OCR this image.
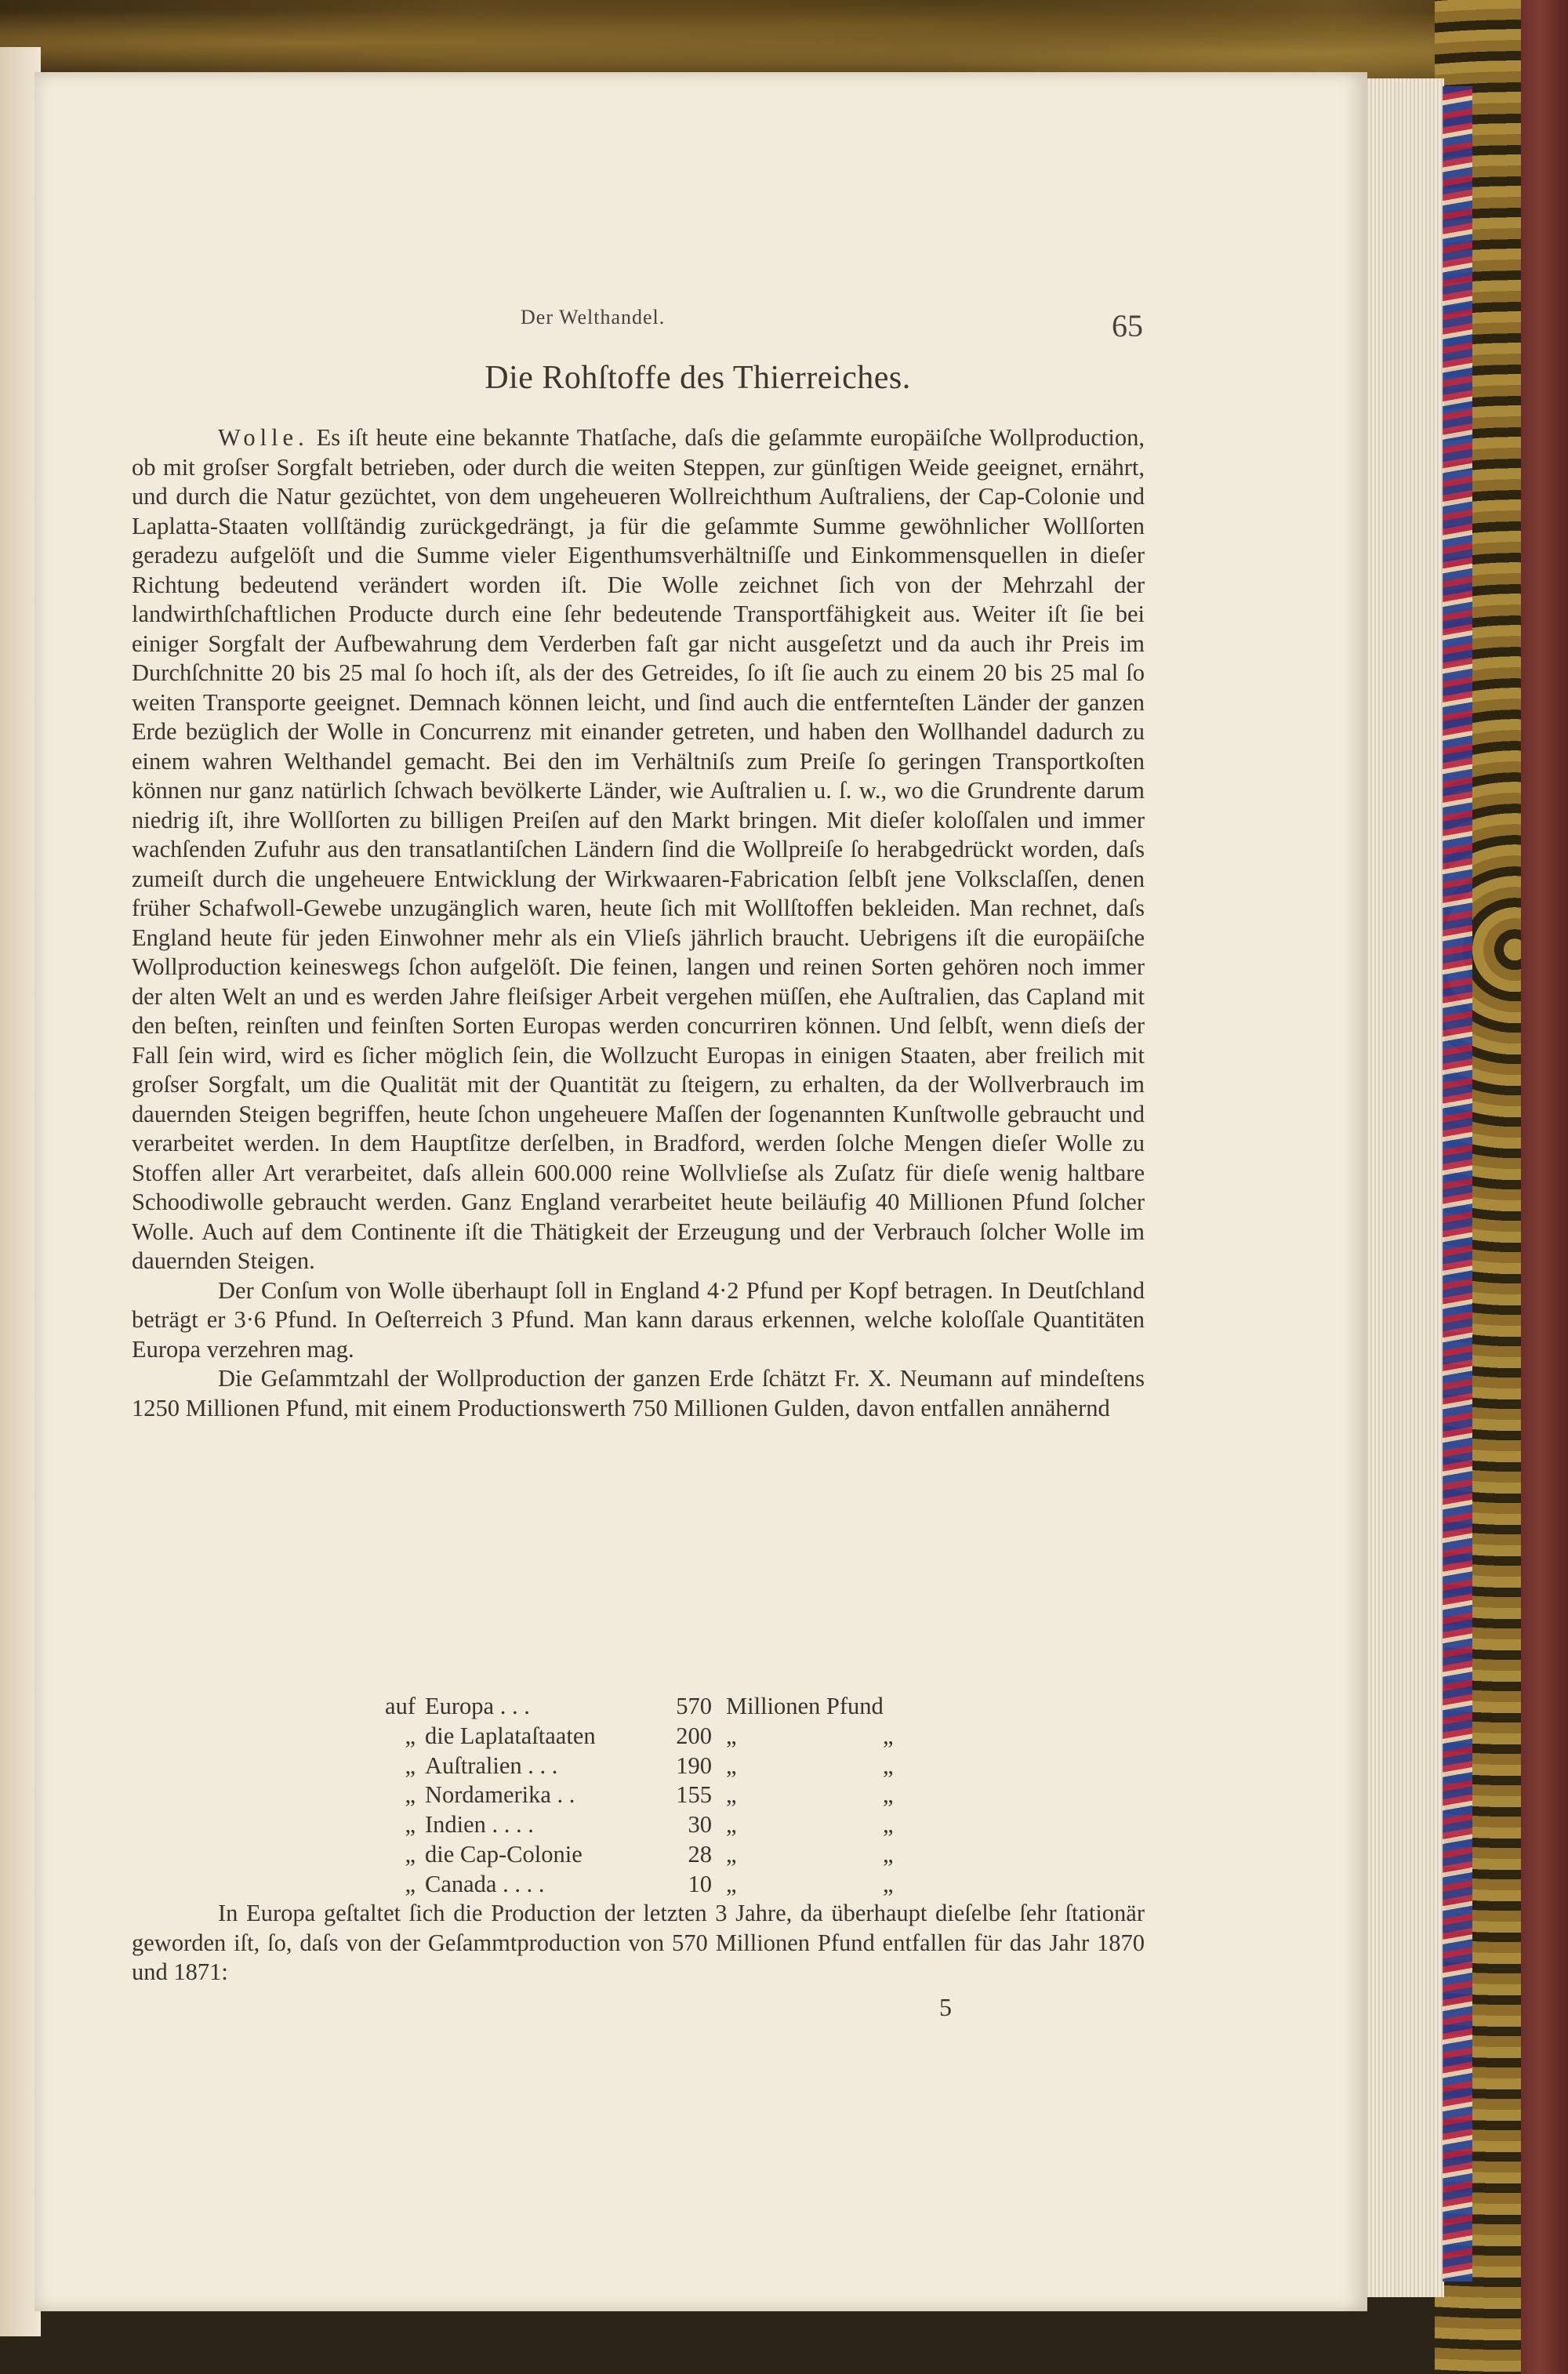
Der Welthandel.	65
Die Rohſtoffe des Thierreiches.

Wolle. Es iſt heute eine bekannte Thatſache, daſs die geſammte europäiſche Wollproduction, ob mit groſser Sorgfalt betrieben, oder durch die weiten Steppen, zur günſtigen Weide geeignet, ernährt, und durch die Natur gezüchtet, von dem ungeheueren Wollreichthum Auſtraliens, der Cap-Colonie und Laplatta-Staaten vollſtändig zurückgedrängt, ja für die geſammte Summe gewöhnlicher Wollſorten geradezu aufgelöſt und die Summe vieler Eigenthumsverhältniſſe und Einkommensquellen in dieſer Richtung bedeutend verändert worden iſt. Die Wolle zeichnet ſich von der Mehrzahl der landwirthſchaftlichen Producte durch eine ſehr bedeutende Transportfähigkeit aus. Weiter iſt ſie bei einiger Sorgfalt der Aufbewahrung dem Verderben faſt gar nicht ausgeſetzt und da auch ihr Preis im Durchſchnitte 20 bis 25 mal ſo hoch iſt, als der des Getreides, ſo iſt ſie auch zu einem 20 bis 25 mal ſo weiten Transporte geeignet. Demnach können leicht, und ſind auch die entfernteſten Länder der ganzen Erde bezüglich der Wolle in Concurrenz mit einander getreten, und haben den Wollhandel dadurch zu einem wahren Welthandel gemacht. Bei den im Verhältniſs zum Preiſe ſo geringen Transportkoſten können nur ganz natürlich ſchwach bevölkerte Länder, wie Auſtralien u. ſ. w., wo die Grundrente darum niedrig iſt, ihre Wollſorten zu billigen Preiſen auf den Markt bringen. Mit dieſer koloſſalen und immer wachſenden Zufuhr aus den transatlantiſchen Ländern ſind die Wollpreiſe ſo herabgedrückt worden, daſs zumeiſt durch die ungeheuere Entwicklung der Wirkwaaren-Fabrication ſelbſt jene Volksclaſſen, denen früher Schafwoll-Gewebe unzugänglich waren, heute ſich mit Wollſtoffen bekleiden. Man rechnet, daſs England heute für jeden Einwohner mehr als ein Vlieſs jährlich braucht. Uebrigens iſt die europäiſche Wollproduction keineswegs ſchon aufgelöſt. Die feinen, langen und reinen Sorten gehören noch immer der alten Welt an und es werden Jahre fleiſsiger Arbeit vergehen müſſen, ehe Auſtralien, das Capland mit den beſten, reinſten und feinſten Sorten Europas werden concurriren können. Und ſelbſt, wenn dieſs der Fall ſein wird, wird es ſicher möglich ſein, die Wollzucht Europas in einigen Staaten, aber freilich mit groſser Sorgfalt, um die Qualität mit der Quantität zu ſteigern, zu erhalten, da der Wollverbrauch im dauernden Steigen begriffen, heute ſchon ungeheuere Maſſen der ſogenannten Kunſtwolle gebraucht und verarbeitet werden. In dem Hauptſitze derſelben, in Bradford, werden ſolche Mengen dieſer Wolle zu Stoffen aller Art verarbeitet, daſs allein 600.000 reine Wollvlieſse als Zuſatz für dieſe wenig haltbare Schoodiwolle gebraucht werden. Ganz England verarbeitet heute beiläufig 40 Millionen Pfund ſolcher Wolle. Auch auf dem Continente iſt die Thätigkeit der Erzeugung und der Verbrauch ſolcher Wolle im dauernden Steigen.

Der Conſum von Wolle überhaupt ſoll in England 4·2 Pfund per Kopf betragen. In Deutſchland beträgt er 3·6 Pfund. In Oeſterreich 3 Pfund. Man kann daraus erkennen, welche koloſſale Quantitäten Europa verzehren mag.

Die Geſammtzahl der Wollproduction der ganzen Erde ſchätzt Fr. X. Neumann auf mindeſtens 1250 Millionen Pfund, mit einem Productionswerth 750 Millionen Gulden, davon entfallen annähernd

auf Europa . . .	570 Millionen Pfund
„ die Laplataſtaaten	200 „	„
„ Auſtralien . . .	190 „	„
„ Nordamerika . .	155 „	„
„ Indien . . . .	30 „	„
„ die Cap-Colonie	28 „	„
„ Canada . . . .	10 „	„

In Europa geſtaltet ſich die Production der letzten 3 Jahre, da überhaupt dieſelbe ſehr ſtationär geworden iſt, ſo, daſs von der Geſammtproduction von 570 Millionen Pfund entfallen für das Jahr 1870 und 1871:

5
